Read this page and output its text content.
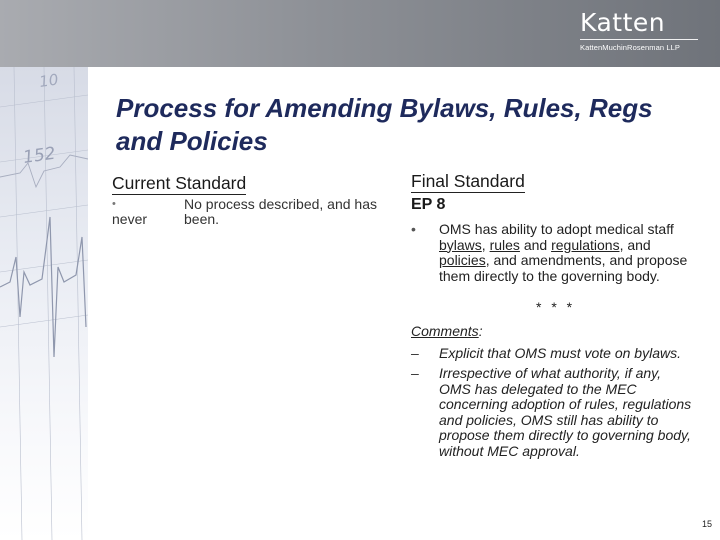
Katten
KattenMuchinRosenman LLP
152
10
Process for Amending Bylaws, Rules, Regs and Policies
Current Standard
•
never
No process described, and has been.
Final Standard
EP 8
• OMS has ability to adopt medical staff bylaws, rules and regulations, and policies, and amendments, and propose them directly to the governing body.
* * *
Comments:
– Explicit that OMS must vote on bylaws.
– Irrespective of what authority, if any, OMS has delegated to the MEC concerning adoption of rules, regulations and policies, OMS still has ability to propose them directly to governing body, without MEC approval.
15
